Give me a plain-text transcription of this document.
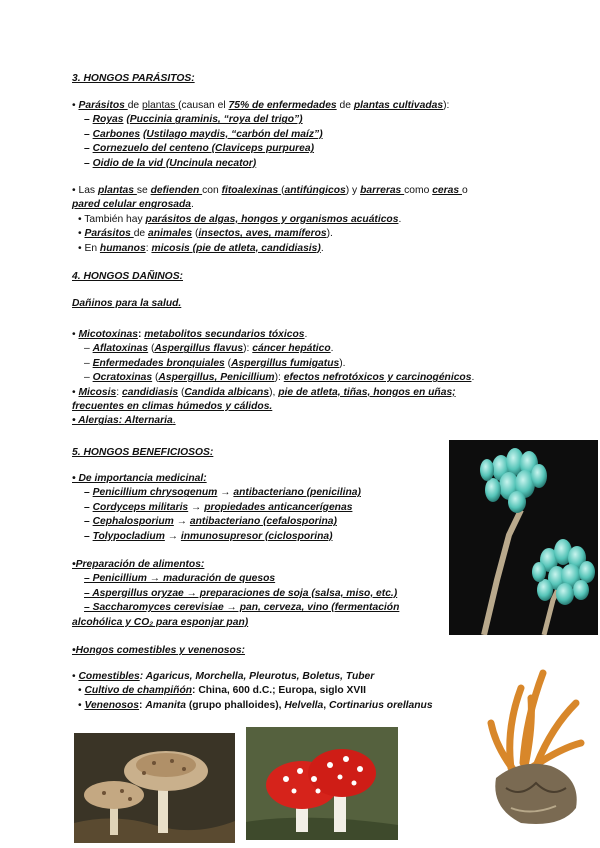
3. HONGOS PARÁSITOS:
• Parásitos de plantas (causan el 75% de enfermedades de plantas cultivadas):
– Royas (Puccinia graminis, “roya del trigo”)
– Carbones (Ustilago maydis, “carbón del maíz”)
– Cornezuelo del centeno (Claviceps purpurea)
– Oidio de la vid (Uncinula necator)
• Las plantas se defienden con fitoalexinas (antifúngicos) y barreras como ceras o
pared celular engrosada.
• También hay parásitos de algas, hongos y organismos acuáticos.
• Parásitos de animales (insectos, aves, mamíferos).
• En humanos: micosis (pie de atleta, candidiasis).
4. HONGOS DAÑINOS:
Dañinos para la salud.
• Micotoxinas: metabolitos secundarios tóxicos.
– Aflatoxinas (Aspergillus flavus): cáncer hepático.
– Enfermedades bronquiales (Aspergillus fumigatus).
– Ocratoxinas (Aspergillus, Penicillium): efectos nefrotóxicos y carcinogénicos.
• Micosis: candidiasis (Candida albicans), pie de atleta, tiñas, hongos en uñas;
frecuentes en climas húmedos y cálidos.
• Alergias: Alternaria.
5. HONGOS BENEFICIOSOS:
• De importancia medicinal:
– Penicillium chrysogenum → antibacteriano (penicilina)
– Cordyceps militaris → propiedades anticancerígenas
– Cephalosporium → antibacteriano (cefalosporina)
– Tolypocladium → inmunosupresor (ciclosporina)
•Preparación de alimentos:
– Penicillium → maduración de quesos
– Aspergillus oryzae → preparaciones de soja (salsa, miso, etc.)
– Saccharomyces cerevisiae → pan, cerveza, vino (fermentación
alcohólica y CO₂ para esponjar pan)
•Hongos comestibles y venenosos:
• Comestibles: Agaricus, Morchella, Pleurotus, Boletus, Tuber
• Cultivo de champiñón: China, 600 d.C.; Europa, siglo XVII
• Venenosos: Amanita (grupo phalloides), Helvella, Cortinarius orellanus
